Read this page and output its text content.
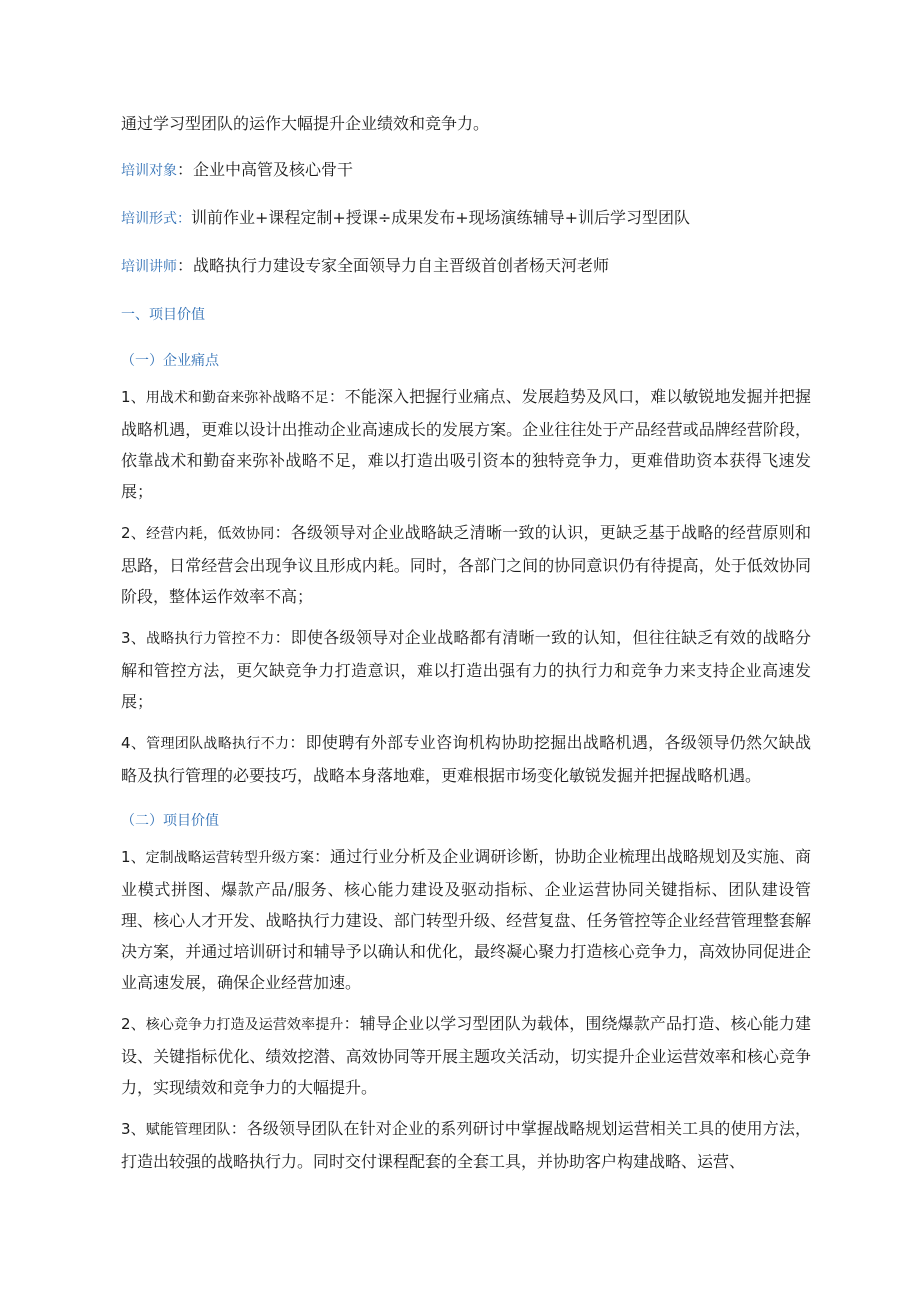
通过学习型团队的运作大幅提升企业绩效和竞争力。

培训对象：企业中高管及核心骨干

培训形式：训前作业+课程定制+授课÷成果发布+现场演练辅导+训后学习型团队

培训讲师：战略执行力建设专家全面领导力自主晋级首创者杨天河老师

一、项目价值

（一）企业痛点

1、用战术和勤奋来弥补战略不足：不能深入把握行业痛点、发展趋势及风口，难以敏锐地发掘并把握战略机遇，更难以设计出推动企业高速成长的发展方案。企业往往处于产品经营或品牌经营阶段，依靠战术和勤奋来弥补战略不足，难以打造出吸引资本的独特竞争力，更难借助资本获得飞速发展；

2、经营内耗，低效协同：各级领导对企业战略缺乏清晰一致的认识，更缺乏基于战略的经营原则和思路，日常经营会出现争议且形成内耗。同时，各部门之间的协同意识仍有待提高，处于低效协同阶段，整体运作效率不高；

3、战略执行力管控不力：即使各级领导对企业战略都有清晰一致的认知，但往往缺乏有效的战略分解和管控方法，更欠缺竞争力打造意识，难以打造出强有力的执行力和竞争力来支持企业高速发展；

4、管理团队战略执行不力：即使聘有外部专业咨询机构协助挖掘出战略机遇，各级领导仍然欠缺战略及执行管理的必要技巧，战略本身落地难，更难根据市场变化敏锐发掘并把握战略机遇。

（二）项目价值

1、定制战略运营转型升级方案：通过行业分析及企业调研诊断，协助企业梳理出战略规划及实施、商业模式拼图、爆款产品/服务、核心能力建设及驱动指标、企业运营协同关键指标、团队建设管理、核心人才开发、战略执行力建设、部门转型升级、经营复盘、任务管控等企业经营管理整套解决方案，并通过培训研讨和辅导予以确认和优化，最终凝心聚力打造核心竞争力，高效协同促进企业高速发展，确保企业经营加速。

2、核心竞争力打造及运营效率提升：辅导企业以学习型团队为载体，围绕爆款产品打造、核心能力建设、关键指标优化、绩效挖潜、高效协同等开展主题攻关活动，切实提升企业运营效率和核心竞争力，实现绩效和竞争力的大幅提升。

3、赋能管理团队：各级领导团队在针对企业的系列研讨中掌握战略规划运营相关工具的使用方法，打造出较强的战略执行力。同时交付课程配套的全套工具，并协助客户构建战略、运营、
